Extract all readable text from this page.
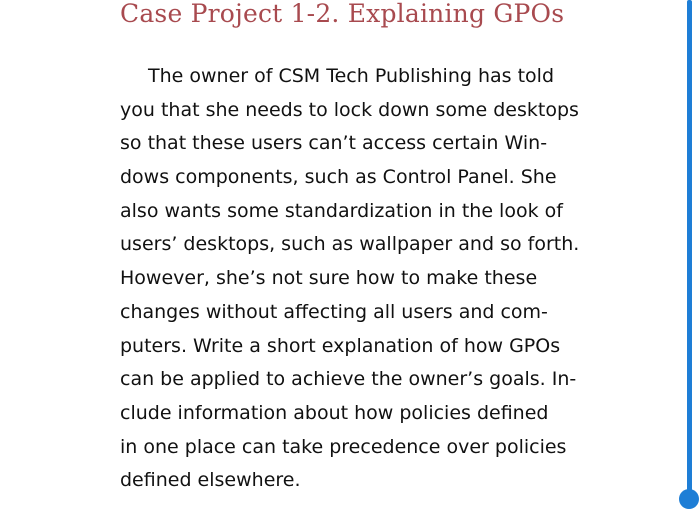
Case Project 1-2. Explaining GPOs
The owner of CSM Tech Publishing has told
you that she needs to lock down some desktops
so that these users can’t access certain Win-
dows components, such as Control Panel. She
also wants some standardization in the look of
users’ desktops, such as wallpaper and so forth.
However, she’s not sure how to make these
changes without affecting all users and com-
puters. Write a short explanation of how GPOs
can be applied to achieve the owner’s goals. In-
clude information about how policies defined
in one place can take precedence over policies
defined elsewhere.
